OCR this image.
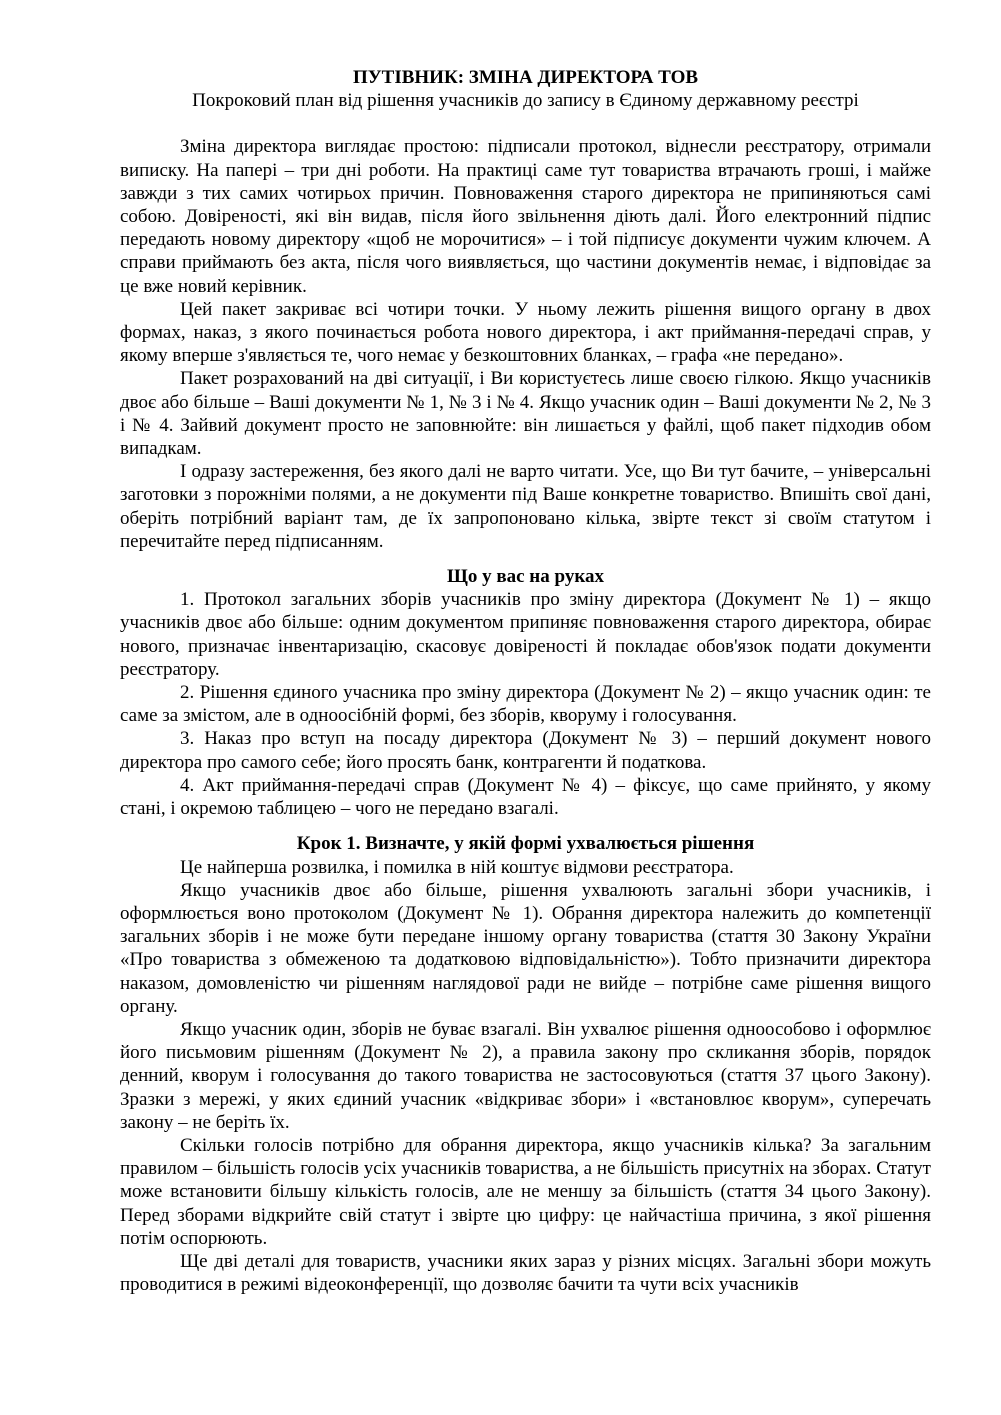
ПУТІВНИК: ЗМІНА ДИРЕКТОРА ТОВ

Покроковий план від рішення учасників до запису в Єдиному державному реєстрі

Зміна директора виглядає простою: підписали протокол, віднесли реєстратору, отримали виписку. На папері – три дні роботи. На практиці саме тут товариства втрачають гроші, і майже завжди з тих самих чотирьох причин. Повноваження старого директора не припиняються самі собою. Довіреності, які він видав, після його звільнення діють далі. Його електронний підпис передають новому директору «щоб не морочитися» – і той підписує документи чужим ключем. А справи приймають без акта, після чого виявляється, що частини документів немає, і відповідає за це вже новий керівник.

Цей пакет закриває всі чотири точки. У ньому лежить рішення вищого органу в двох формах, наказ, з якого починається робота нового директора, і акт приймання-передачі справ, у якому вперше з'являється те, чого немає у безкоштовних бланках, – графа «не передано».

Пакет розрахований на дві ситуації, і Ви користуєтесь лише своєю гілкою. Якщо учасників двоє або більше – Ваші документи № 1, № 3 і № 4. Якщо учасник один – Ваші документи № 2, № 3 і № 4. Зайвий документ просто не заповнюйте: він лишається у файлі, щоб пакет підходив обом випадкам.

І одразу застереження, без якого далі не варто читати. Усе, що Ви тут бачите, – універсальні заготовки з порожніми полями, а не документи під Ваше конкретне товариство. Впишіть свої дані, оберіть потрібний варіант там, де їх запропоновано кілька, звірте текст зі своїм статутом і перечитайте перед підписанням.

Що у вас на руках

1. Протокол загальних зборів учасників про зміну директора (Документ № 1) – якщо учасників двоє або більше: одним документом припиняє повноваження старого директора, обирає нового, призначає інвентаризацію, скасовує довіреності й покладає обов'язок подати документи реєстратору.

2. Рішення єдиного учасника про зміну директора (Документ № 2) – якщо учасник один: те саме за змістом, але в одноосібній формі, без зборів, кворуму і голосування.

3. Наказ про вступ на посаду директора (Документ № 3) – перший документ нового директора про самого себе; його просять банк, контрагенти й податкова.

4. Акт приймання-передачі справ (Документ № 4) – фіксує, що саме прийнято, у якому стані, і окремою таблицею – чого не передано взагалі.

Крок 1. Визначте, у якій формі ухвалюється рішення

Це найперша розвилка, і помилка в ній коштує відмови реєстратора.

Якщо учасників двоє або більше, рішення ухвалюють загальні збори учасників, і оформлюється воно протоколом (Документ № 1). Обрання директора належить до компетенції загальних зборів і не може бути передане іншому органу товариства (стаття 30 Закону України «Про товариства з обмеженою та додатковою відповідальністю»). Тобто призначити директора наказом, домовленістю чи рішенням наглядової ради не вийде – потрібне саме рішення вищого органу.

Якщо учасник один, зборів не буває взагалі. Він ухвалює рішення одноособово і оформлює його письмовим рішенням (Документ № 2), а правила закону про скликання зборів, порядок денний, кворум і голосування до такого товариства не застосовуються (стаття 37 цього Закону). Зразки з мережі, у яких єдиний учасник «відкриває збори» і «встановлює кворум», суперечать закону – не беріть їх.

Скільки голосів потрібно для обрання директора, якщо учасників кілька? За загальним правилом – більшість голосів усіх учасників товариства, а не більшість присутніх на зборах. Статут може встановити більшу кількість голосів, але не меншу за більшість (стаття 34 цього Закону). Перед зборами відкрийте свій статут і звірте цю цифру: це найчастіша причина, з якої рішення потім оспорюють.

Ще дві деталі для товариств, учасники яких зараз у різних місцях. Загальні збори можуть проводитися в режимі відеоконференції, що дозволяє бачити та чути всіх учасників
